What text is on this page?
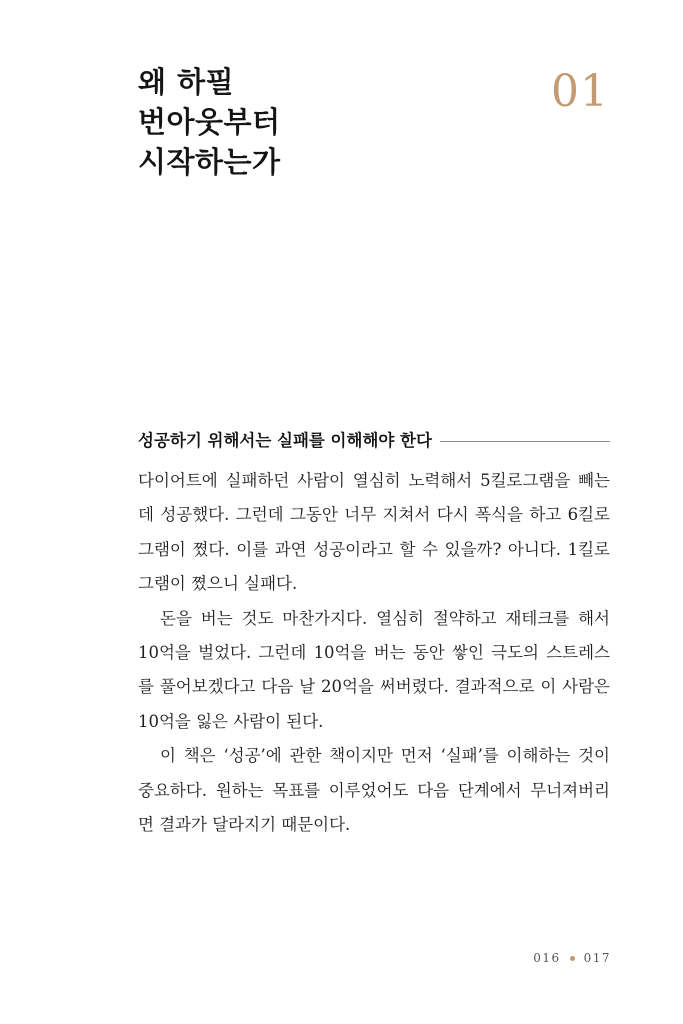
왜 하필
번아웃부터
시작하는가
01
성공하기 위해서는 실패를 이해해야 한다
다이어트에 실패하던 사람이 열심히 노력해서 5킬로그램을 빼는
데 성공했다. 그런데 그동안 너무 지쳐서 다시 폭식을 하고 6킬로
그램이 쪘다. 이를 과연 성공이라고 할 수 있을까? 아니다. 1킬로
그램이 쪘으니 실패다.
돈을 버는 것도 마찬가지다. 열심히 절약하고 재테크를 해서
10억을 벌었다. 그런데 10억을 버는 동안 쌓인 극도의 스트레스
를 풀어보겠다고 다음 날 20억을 써버렸다. 결과적으로 이 사람은
10억을 잃은 사람이 된다.
이 책은 ‘성공’에 관한 책이지만 먼저 ‘실패’를 이해하는 것이
중요하다. 원하는 목표를 이루었어도 다음 단계에서 무너져버리
면 결과가 달라지기 때문이다.
016 017
